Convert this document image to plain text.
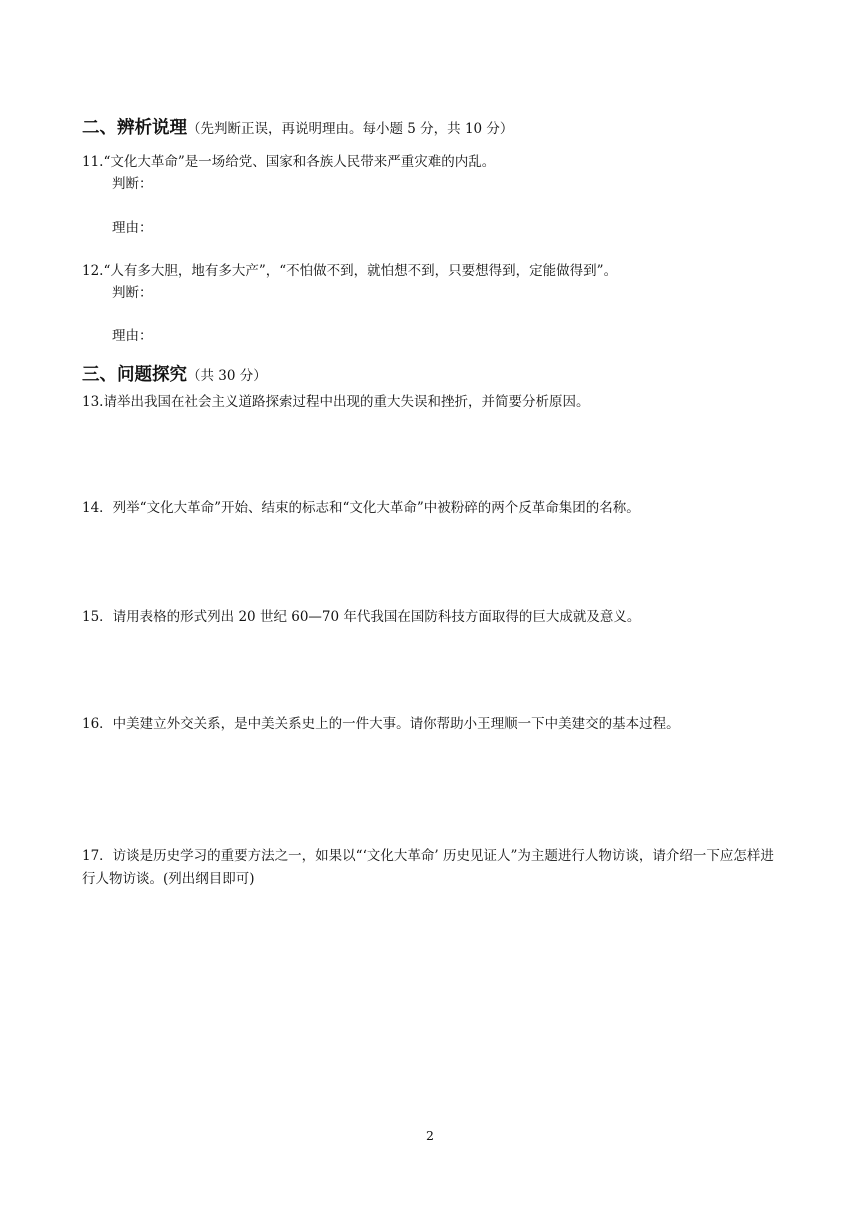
二、辨析说理（先判断正误，再说明理由。每小题 5 分，共 10 分）
11.“文化大革命”是一场给党、国家和各族人民带来严重灾难的内乱。
判断：
理由：
12.“人有多大胆，地有多大产”，“不怕做不到，就怕想不到，只要想得到，定能做得到”。
判断：
理由：
三、问题探究（共 30 分）
13.请举出我国在社会主义道路探索过程中出现的重大失误和挫折，并简要分析原因。
14．列举“文化大革命”开始、结束的标志和“文化大革命”中被粉碎的两个反革命集团的名称。
15．请用表格的形式列出 20 世纪 60—70 年代我国在国防科技方面取得的巨大成就及意义。
16．中美建立外交关系，是中美关系史上的一件大事。请你帮助小王理顺一下中美建交的基本过程。
17．访谈是历史学习的重要方法之一，如果以“‘文化大革命’ 历史见证人”为主题进行人物访谈，请介绍一下应怎样进行人物访谈。(列出纲目即可)
2
